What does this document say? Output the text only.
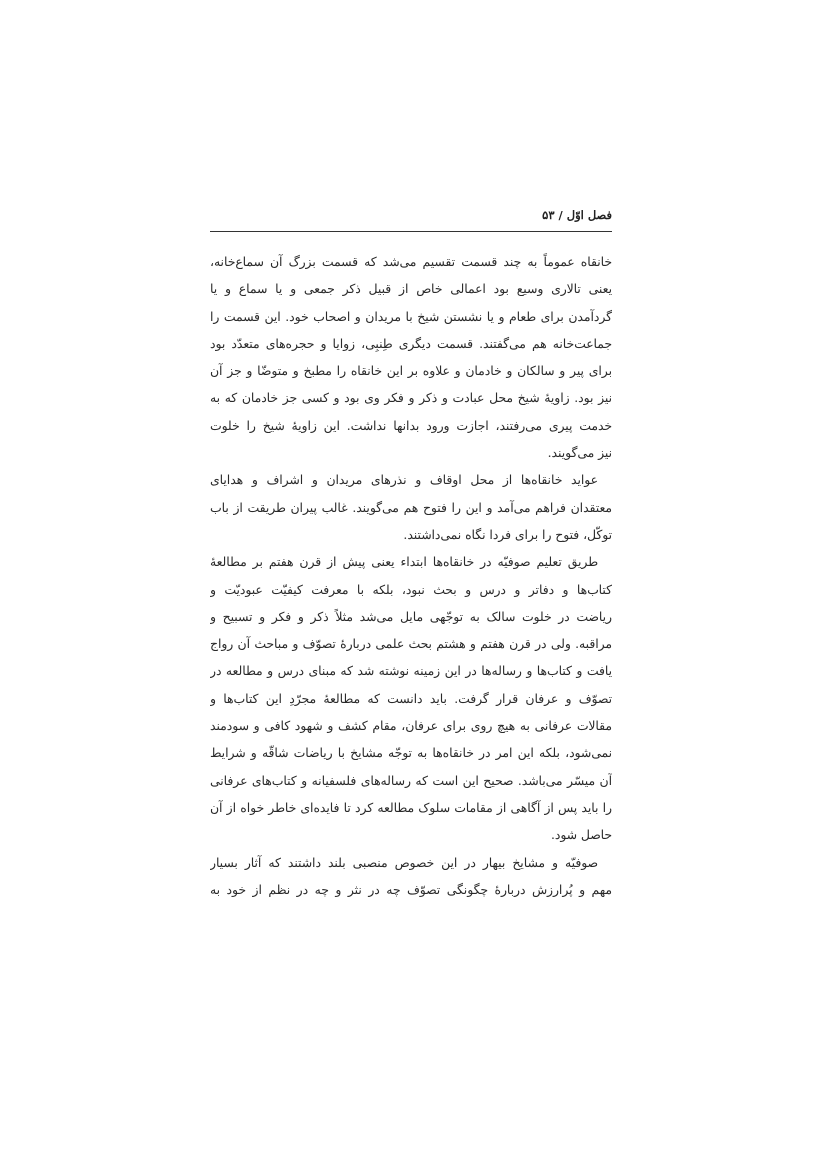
فصل اوّل / ۵۳
خانقاه عموماً به چند قسمت تقسیم می‌شد که قسمت بزرگ آن سماع‌خانه،
یعنی تالاری وسیع بود اعمالی خاص از قبیل ذکر جمعی و یا سماع و یا
گردآمدن برای طعام و یا نشستن شیخ با مریدان و اصحاب خود. این قسمت را
جماعت‌خانه هم می‌گفتند. قسمت دیگری طِنبِی، زوایا و حجره‌های متعدّد بود
برای پیر و سالکان و خادمان و علاوه بر این خانقاه را مطبخ و متوضّا و جز آن
نیز بود. زاویهٔ شیخ محل عبادت و ذکر و فکر وی بود و کسی جز خادمان که به
خدمت پیری می‌رفتند، اجازت ورود بدانها نداشت. این زاویهٔ شیخ را خلوت
نیز می‌گویند.
عواید خانقاه‌ها از محل اوقاف و نذرهای مریدان و اشراف و هدایای
معتقدان فراهم می‌آمد و این را فتوح هم می‌گویند. غالب پیران طریقت از باب
توکّل، فتوح را برای فردا نگاه نمی‌داشتند.
طریق تعلیم صوفیّه در خانقاه‌ها ابتداء یعنی پیش از قرن هفتم بر مطالعهٔ
کتاب‌ها و دفاتر و درس و بحث نبود، بلکه با معرفت کیفیّت عبودیّت و
ریاضت در خلوت سالک به توجّهی مایل می‌شد مثلاً ذکر و فکر و تسبیح و
مراقبه. ولی در قرن هفتم و هشتم بحث علمی دربارهٔ تصوّف و مباحث آن رواج
یافت و کتاب‌ها و رساله‌ها در این زمینه نوشته شد که مبنای درس و مطالعه در
تصوّف و عرفان قرار گرفت. باید دانست که مطالعهٔ مجرّدِ این کتاب‌ها و
مقالات عرفانی به هیچ روی برای عرفان، مقام کشف و شهود کافی و سودمند
نمی‌شود، بلکه این امر در خانقاه‌ها به توجّه مشایخ با ریاضات شاقّه و شرایط
آن میسّر می‌باشد. صحیح این است که رساله‌های فلسفیانه و کتاب‌های عرفانی
را باید پس از آگاهی از مقامات سلوک مطالعه کرد تا فایده‌ای خاطر خواه از آن
حاصل شود.
صوفیّه و مشایخ بیهار در این خصوص منصبی بلند داشتند که آثار بسیار
مهم و پُرارزش دربارهٔ چگونگی تصوّف چه در نثر و چه در نظم از خود به
